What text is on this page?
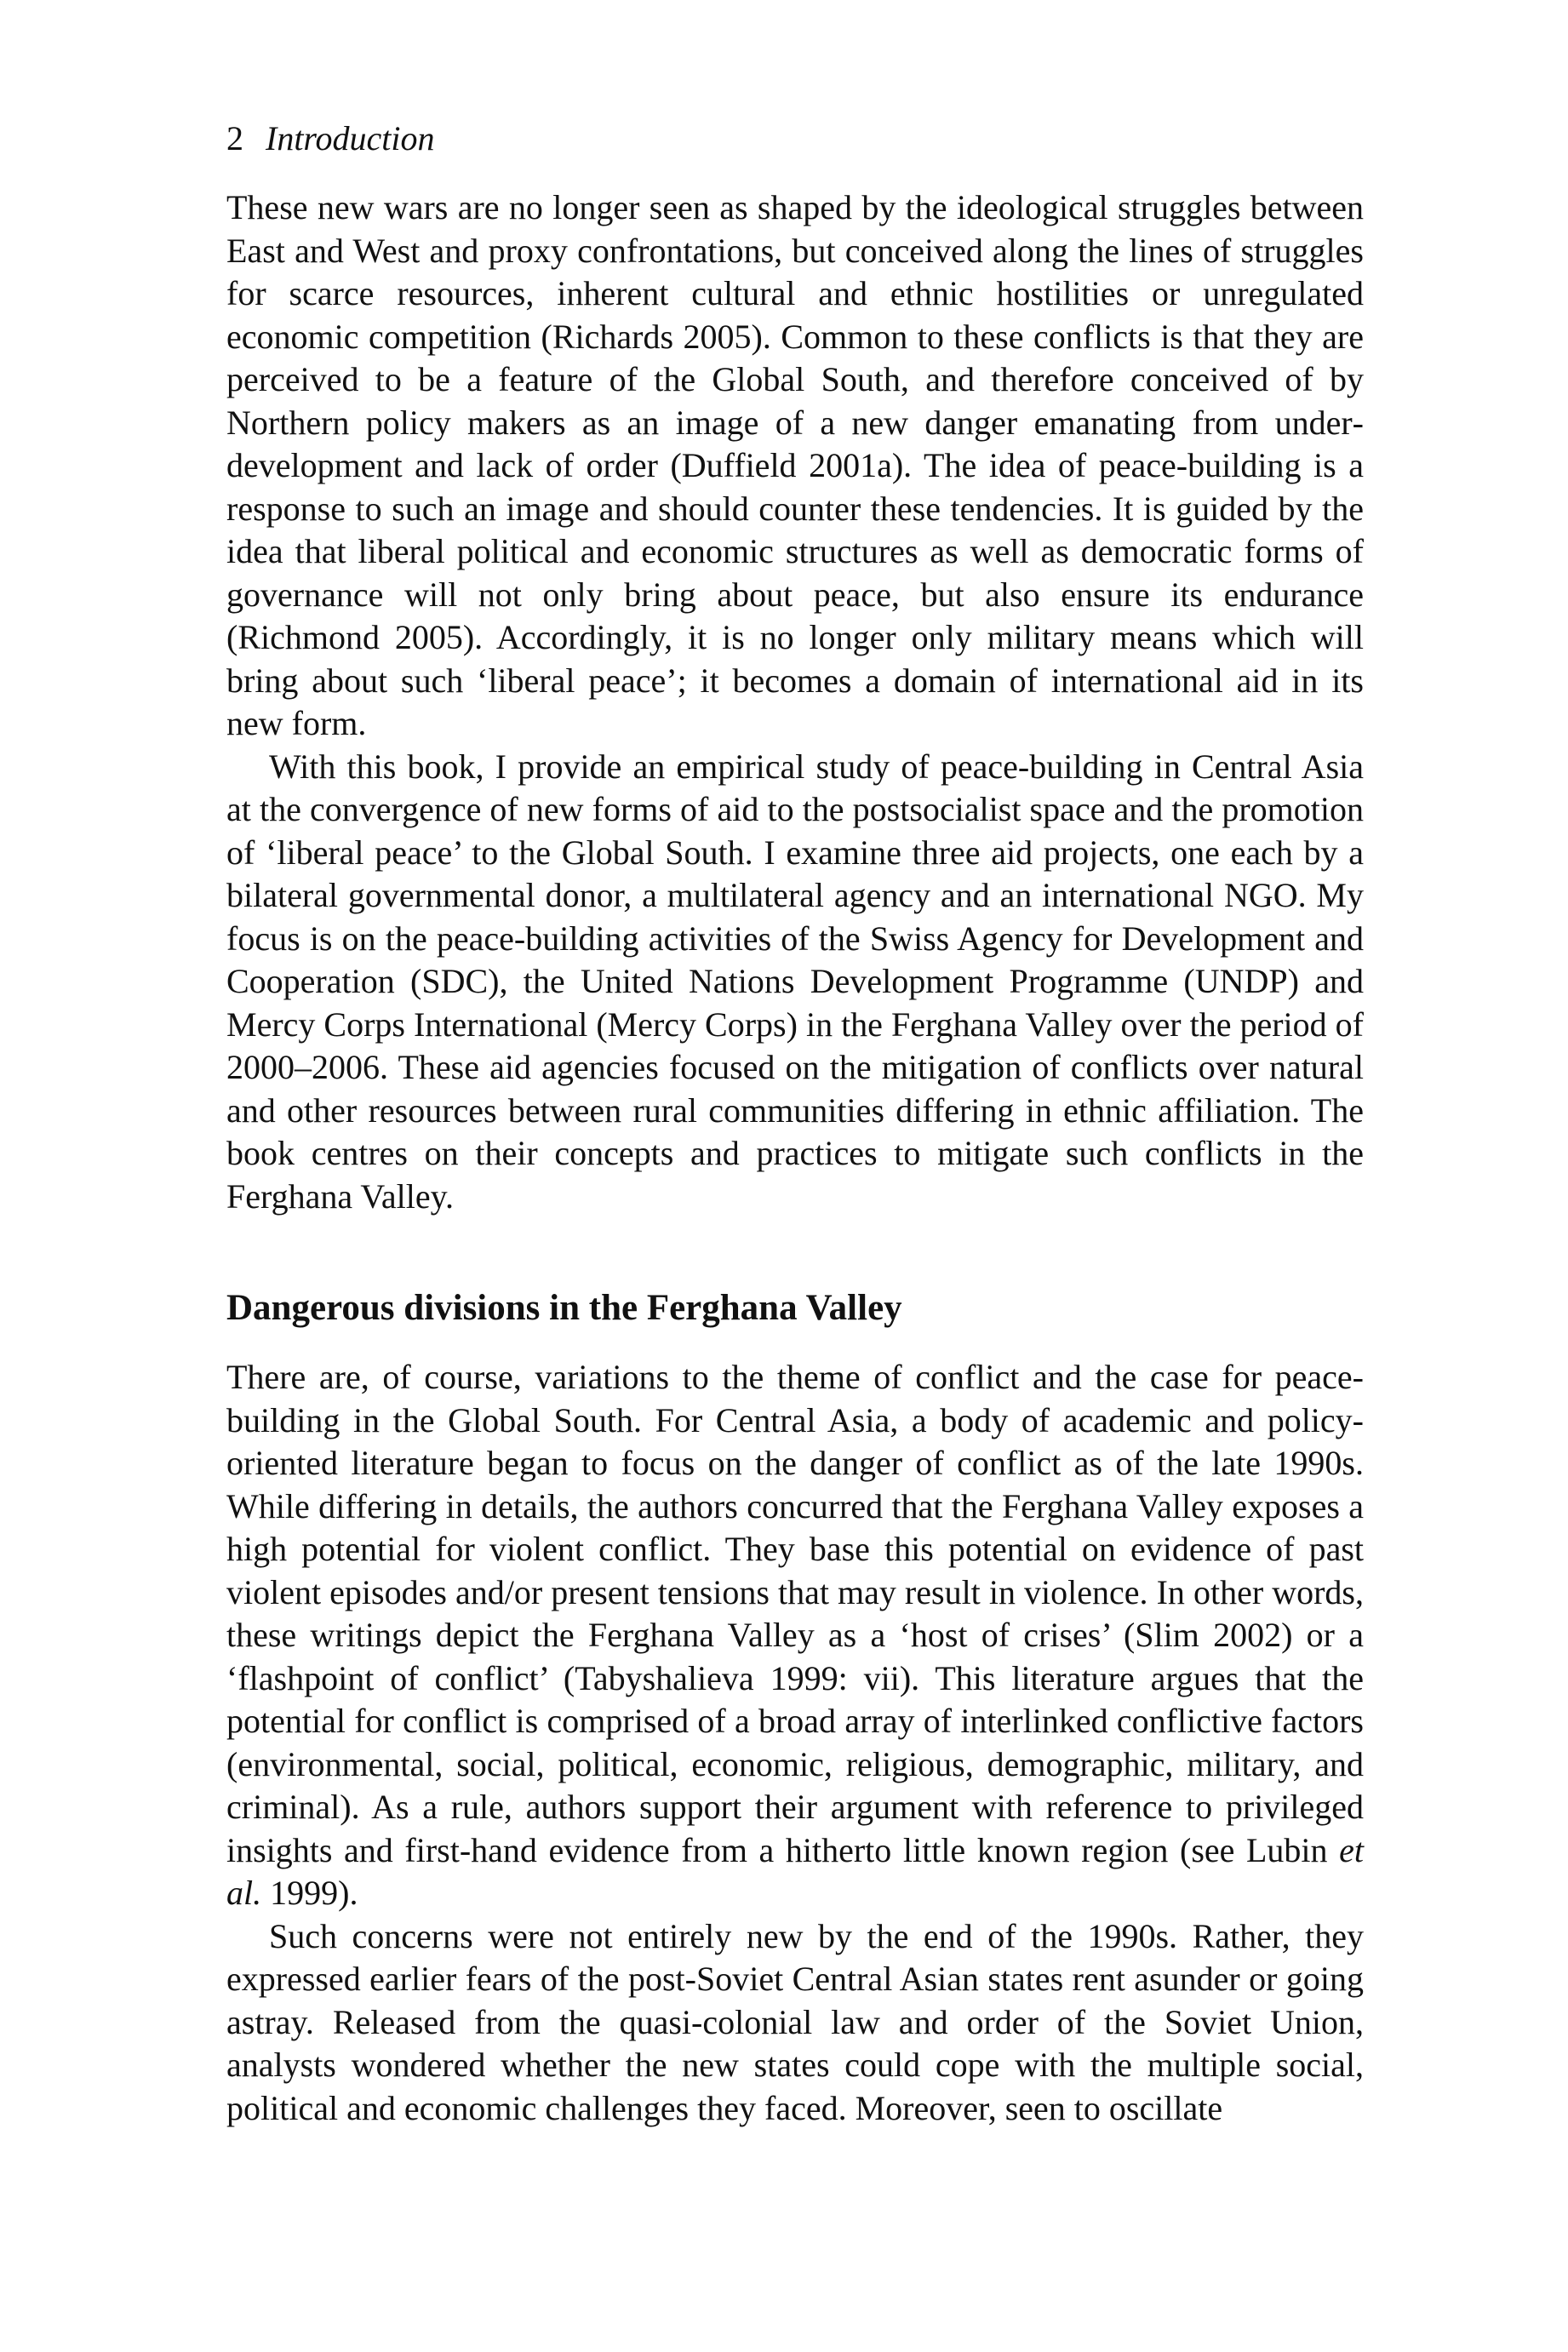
2 Introduction

These new wars are no longer seen as shaped by the ideological struggles between East and West and proxy confrontations, but conceived along the lines of struggles for scarce resources, inherent cultural and ethnic hostilities or unregulated economic competition (Richards 2005). Common to these conflicts is that they are perceived to be a feature of the Global South, and therefore conceived of by Northern policy makers as an image of a new danger emanating from underdevelopment and lack of order (Duffield 2001a). The idea of peace-building is a response to such an image and should counter these tendencies. It is guided by the idea that liberal political and economic structures as well as democratic forms of governance will not only bring about peace, but also ensure its endurance (Richmond 2005). Accordingly, it is no longer only military means which will bring about such ‘liberal peace’; it becomes a domain of international aid in its new form.

With this book, I provide an empirical study of peace-building in Central Asia at the convergence of new forms of aid to the postsocialist space and the promotion of ‘liberal peace’ to the Global South. I examine three aid projects, one each by a bilateral governmental donor, a multilateral agency and an international NGO. My focus is on the peace-building activities of the Swiss Agency for Development and Cooperation (SDC), the United Nations Development Programme (UNDP) and Mercy Corps International (Mercy Corps) in the Ferghana Valley over the period of 2000–2006. These aid agencies focused on the mitigation of conflicts over natural and other resources between rural communities differing in ethnic affiliation. The book centres on their concepts and practices to mitigate such conflicts in the Ferghana Valley.

Dangerous divisions in the Ferghana Valley

There are, of course, variations to the theme of conflict and the case for peacebuilding in the Global South. For Central Asia, a body of academic and policy-oriented literature began to focus on the danger of conflict as of the late 1990s. While differing in details, the authors concurred that the Ferghana Valley exposes a high potential for violent conflict. They base this potential on evidence of past violent episodes and/or present tensions that may result in violence. In other words, these writings depict the Ferghana Valley as a ‘host of crises’ (Slim 2002) or a ‘flashpoint of conflict’ (Tabyshalieva 1999: vii). This literature argues that the potential for conflict is comprised of a broad array of interlinked conflictive factors (environmental, social, political, economic, religious, demographic, military, and criminal). As a rule, authors support their argument with reference to privileged insights and first-hand evidence from a hitherto little known region (see Lubin et al. 1999).

Such concerns were not entirely new by the end of the 1990s. Rather, they expressed earlier fears of the post-Soviet Central Asian states rent asunder or going astray. Released from the quasi-colonial law and order of the Soviet Union, analysts wondered whether the new states could cope with the multiple social, political and economic challenges they faced. Moreover, seen to oscillate
